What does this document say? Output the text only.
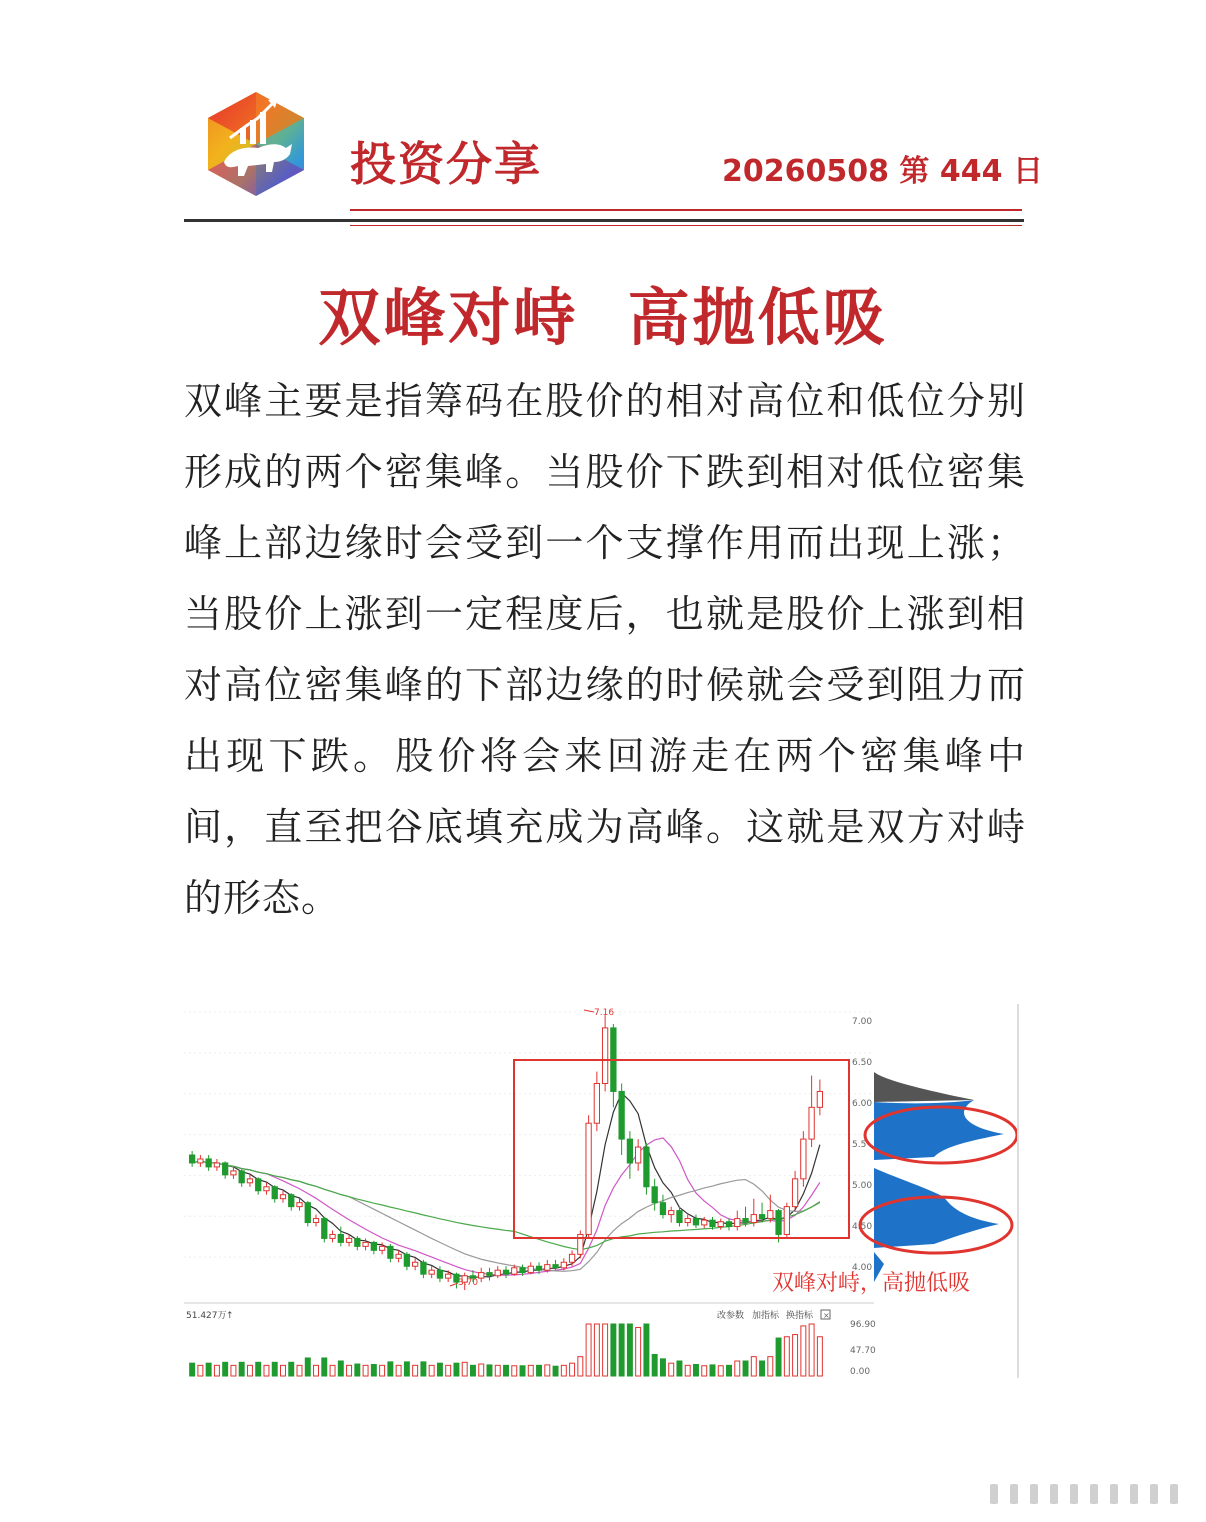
投资分享	20260508 第 444 日
双峰对峙  高抛低吸
双峰主要是指筹码在股价的相对高位和低位分别形成的两个密集峰。当股价下跌到相对低位密集峰上部边缘时会受到一个支撑作用而出现上涨；当股价上涨到一定程度后，也就是股价上涨到相对高位密集峰的下部边缘的时候就会受到阻力而出现下跌。股价将会来回游走在两个密集峰中间，直至把谷底填充成为高峰。这就是双方对峙的形态。
7.00
6.50
6.00
5.5
5.00
4.50
4.00
7.16
3.70	双峰对峙，高抛低吸
51.427万 ↑	改参数 加指标 换指标 ×
96.90
47.70
0.00
